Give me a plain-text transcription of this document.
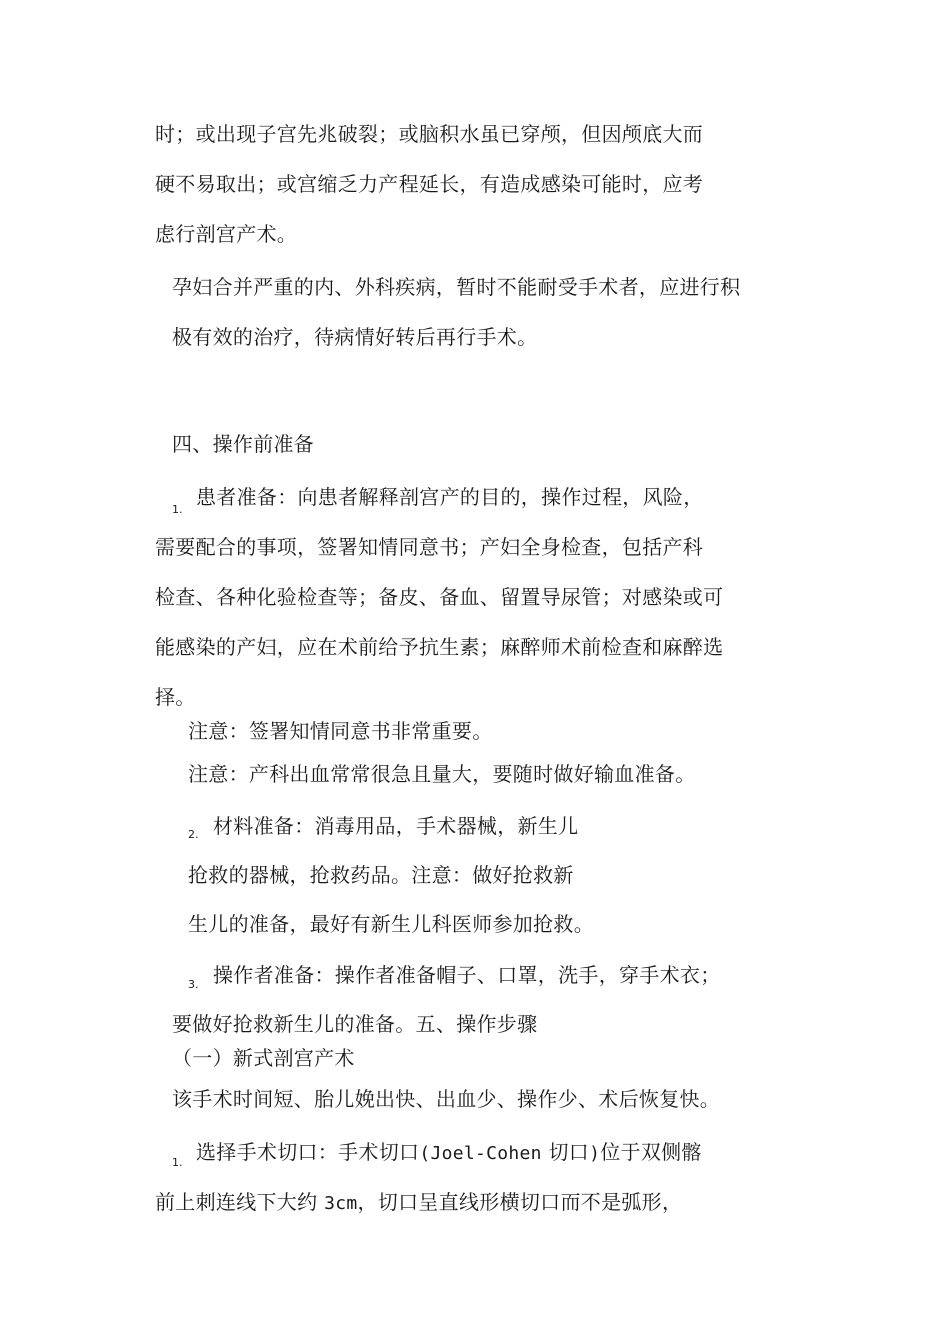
时；或出现子宫先兆破裂；或脑积水虽已穿颅，但因颅底大而
硬不易取出；或宫缩乏力产程延长，有造成感染可能时，应考
虑行剖宫产术。
孕妇合并严重的内、外科疾病，暂时不能耐受手术者，应进行积
极有效的治疗，待病情好转后再行手术。
四、操作前准备
1.
患者准备：向患者解释剖宫产的目的，操作过程，风险，
需要配合的事项，签署知情同意书；产妇全身检查，包括产科
检查、各种化验检查等；备皮、备血、留置导尿管；对感染或可
能感染的产妇，应在术前给予抗生素；麻醉师术前检查和麻醉选
择。
注意：签署知情同意书非常重要。
注意：产科出血常常很急且量大，要随时做好输血准备。
2. 材料准备：消毒用品，手术器械，新生儿
抢救的器械，抢救药品。注意：做好抢救新
生儿的准备，最好有新生儿科医师参加抢救。
3. 操作者准备：操作者准备帽子、口罩，洗手，穿手术衣；
要做好抢救新生儿的准备。五、操作步骤
（一）新式剖宫产术
该手术时间短、胎儿娩出快、出血少、操作少、术后恢复快。
1. 选择手术切口：手术切口(Joel-Cohen 切口)位于双侧髂
前上刺连线下大约 3cm，切口呈直线形横切口而不是弧形，
